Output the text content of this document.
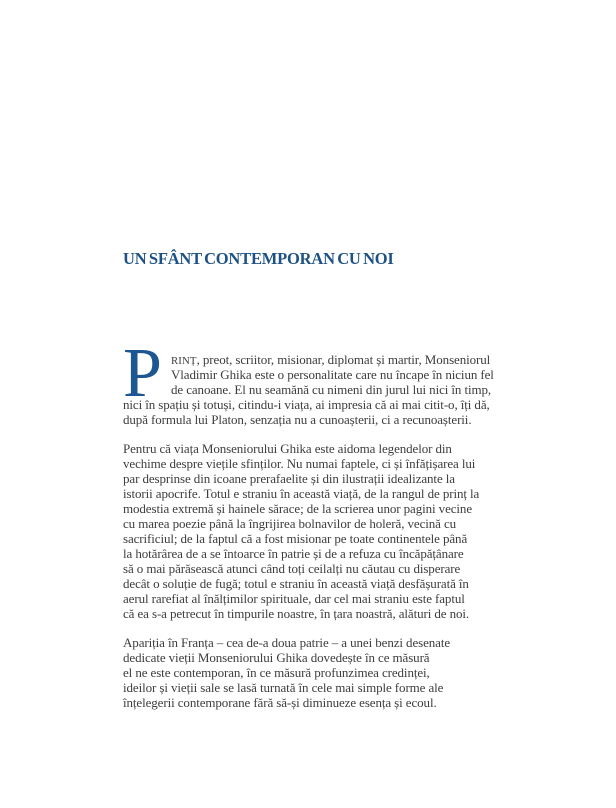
UN SFÂNT CONTEMPORAN CU NOI
P RINȚ, preot, scriitor, misionar, diplomat și martir, Monseniorul
Vladimir Ghika este o personalitate care nu încape în niciun fel
de canoane. El nu seamănă cu nimeni din jurul lui nici în timp,
nici în spațiu și totuși, citindu-i viața, ai impresia că ai mai citit-o, îți dă,
după formula lui Platon, senzația nu a cunoașterii, ci a recunoașterii.
Pentru că viața Monseniorului Ghika este aidoma legendelor din
vechime despre viețile sfinților. Nu numai faptele, ci și înfățișarea lui
par desprinse din icoane prerafaelite și din ilustrații idealizante la
istorii apocrife. Totul e straniu în această viață, de la rangul de prinț la
modestia extremă și hainele sărace; de la scrierea unor pagini vecine
cu marea poezie până la îngrijirea bolnavilor de holeră, vecină cu
sacrificiul; de la faptul că a fost misionar pe toate continentele până
la hotărârea de a se întoarce în patrie și de a refuza cu încăpățânare
să o mai părăsească atunci când toți ceilalți nu căutau cu disperare
decât o soluție de fugă; totul e straniu în această viață desfășurată în
aerul rarefiat al înălțimilor spirituale, dar cel mai straniu este faptul
că ea s-a petrecut în timpurile noastre, în țara noastră, alături de noi.
Apariția în Franța – cea de-a doua patrie – a unei benzi desenate
dedicate vieții Monseniorului Ghika dovedește în ce măsură
el ne este contemporan, în ce măsură profunzimea credinței,
ideilor și vieții sale se lasă turnată în cele mai simple forme ale
înțelegerii contemporane fără să-și diminueze esența și ecoul.
